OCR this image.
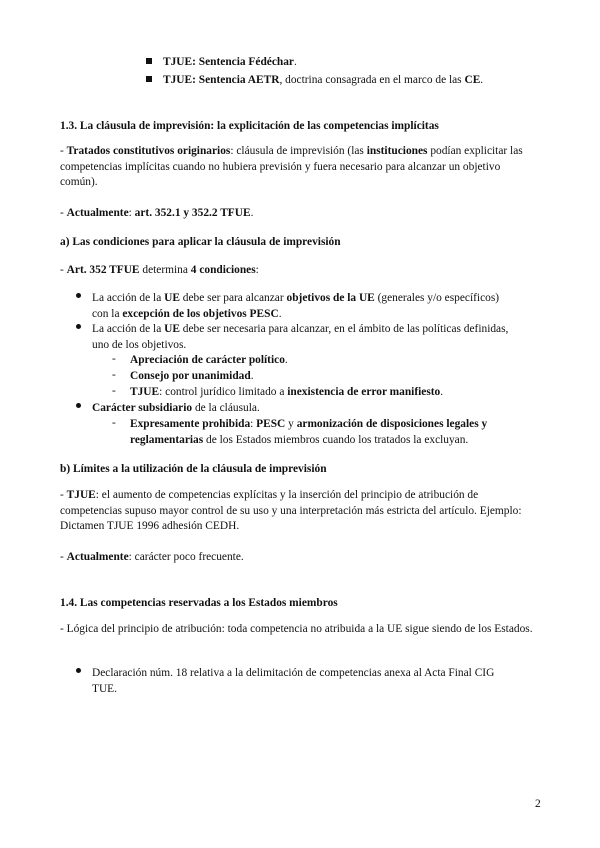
TJUE: Sentencia Fédéchar.
TJUE: Sentencia AETR, doctrina consagrada en el marco de las CE.
1.3. La cláusula de imprevisión: la explicitación de las competencias implícitas
- Tratados constitutivos originarios: cláusula de imprevisión (las instituciones podían explicitar las competencias implícitas cuando no hubiera previsión y fuera necesario para alcanzar un objetivo común).
- Actualmente: art. 352.1 y 352.2 TFUE.
a) Las condiciones para aplicar la cláusula de imprevisión
- Art. 352 TFUE determina 4 condiciones:
La acción de la UE debe ser para alcanzar objetivos de la UE (generales y/o específicos)
con la excepción de los objetivos PESC.
La acción de la UE debe ser necesaria para alcanzar, en el ámbito de las políticas definidas,
uno de los objetivos.
- Apreciación de carácter político.
- Consejo por unanimidad.
- TJUE: control jurídico limitado a inexistencia de error manifiesto.
Carácter subsidiario de la cláusula.
- Expresamente prohibida: PESC y armonización de disposiciones legales y
reglamentarias de los Estados miembros cuando los tratados la excluyan.
b) Límites a la utilización de la cláusula de imprevisión
- TJUE: el aumento de competencias explícitas y la inserción del principio de atribución de competencias supuso mayor control de su uso y una interpretación más estricta del artículo. Ejemplo: Dictamen TJUE 1996 adhesión CEDH.
- Actualmente: carácter poco frecuente.
1.4. Las competencias reservadas a los Estados miembros
- Lógica del principio de atribución: toda competencia no atribuida a la UE sigue siendo de los Estados.
Declaración núm. 18 relativa a la delimitación de competencias anexa al Acta Final CIG
TUE.
2
